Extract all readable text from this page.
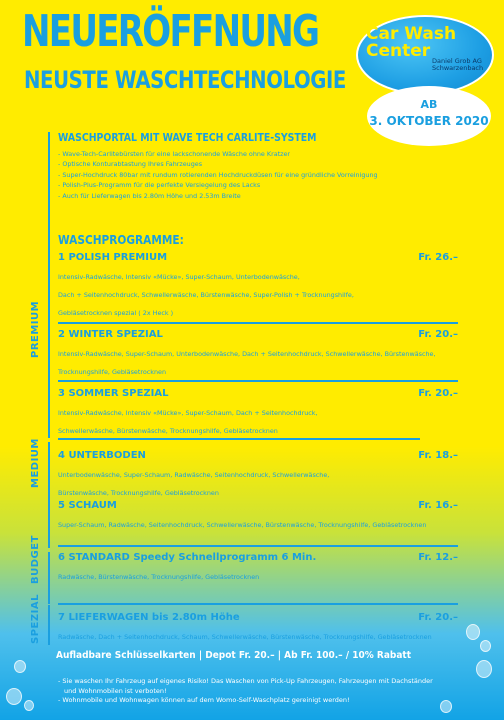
NEUERÖFFNUNG
NEUSTE WASCHTECHNOLOGIE
Car Wash
Center Daniel Grob AG
Schwarzenbach
AB
3. OKTOBER 2020
PREMIUM
MEDIUM
BUDGET
SPEZIAL
WASCHPORTAL MIT WAVE TECH CARLITE-SYSTEM
- Wave-Tech-Carlitebürsten für eine lackschonende Wäsche ohne Kratzer
- Optische Konturabtastung Ihres Fahrzeuges
- Super-Hochdruck 80bar mit rundum rotierenden Hochdruckdüsen für eine gründliche Vorreinigung
- Polish-Plus-Programm für die perfekte Versiegelung des Lacks
- Auch für Lieferwagen bis 2.80m Höhe und 2.53m Breite
WASCHPROGRAMME:
1 POLISH PREMIUM	Fr. 26.–
Intensiv-Radwäsche, Intensiv «Mücke», Super-Schaum, Unterbodenwäsche,
Dach + Seitenhochdruck, Schwellerwäsche, Bürstenwäsche, Super-Polish + Trocknungshilfe,
Gebläsetrocknen spezial ( 2x Heck )
2 WINTER SPEZIAL	Fr. 20.–
Intensiv-Radwäsche, Super-Schaum, Unterbodenwäsche, Dach + Seitenhochdruck, Schwellerwäsche, Bürstenwäsche,
Trocknungshilfe, Gebläsetrocknen
3 SOMMER SPEZIAL	Fr. 20.–
Intensiv-Radwäsche, Intensiv «Mücke», Super-Schaum, Dach + Seitenhochdruck,
Schwellerwäsche, Bürstenwäsche, Trocknungshilfe, Gebläsetrocknen
4 UNTERBODEN	Fr. 18.–
Unterbodenwäsche, Super-Schaum, Radwäsche, Seitenhochdruck, Schwellerwäsche,
Bürstenwäsche, Trocknungshilfe, Gebläsetrocknen
5 SCHAUM	Fr. 16.–
Super-Schaum, Radwäsche, Seitenhochdruck, Schwellerwäsche, Bürstenwäsche, Trocknungshilfe, Gebläsetrocknen
6 STANDARD Speedy Schnellprogramm 6 Min.	Fr. 12.–
Radwäsche, Bürstenwäsche, Trocknungshilfe, Gebläsetrocknen
7 LIEFERWAGEN bis 2.80m Höhe	Fr. 20.–
Radwäsche, Dach + Seitenhochdruck, Schaum, Schwellerwäsche, Bürstenwäsche, Trocknungshilfe, Gebläsetrocknen
Aufladbare Schlüsselkarten | Depot Fr. 20.– | Ab Fr. 100.– / 10% Rabatt
- Sie waschen Ihr Fahrzeug auf eigenes Risiko! Das Waschen von Pick-Up Fahrzeugen, Fahrzeugen mit Dachständer
und Wohnmobilen ist verboten!
- Wohnmobile und Wohnwagen können auf dem Womo-Self-Waschplatz gereinigt werden!
